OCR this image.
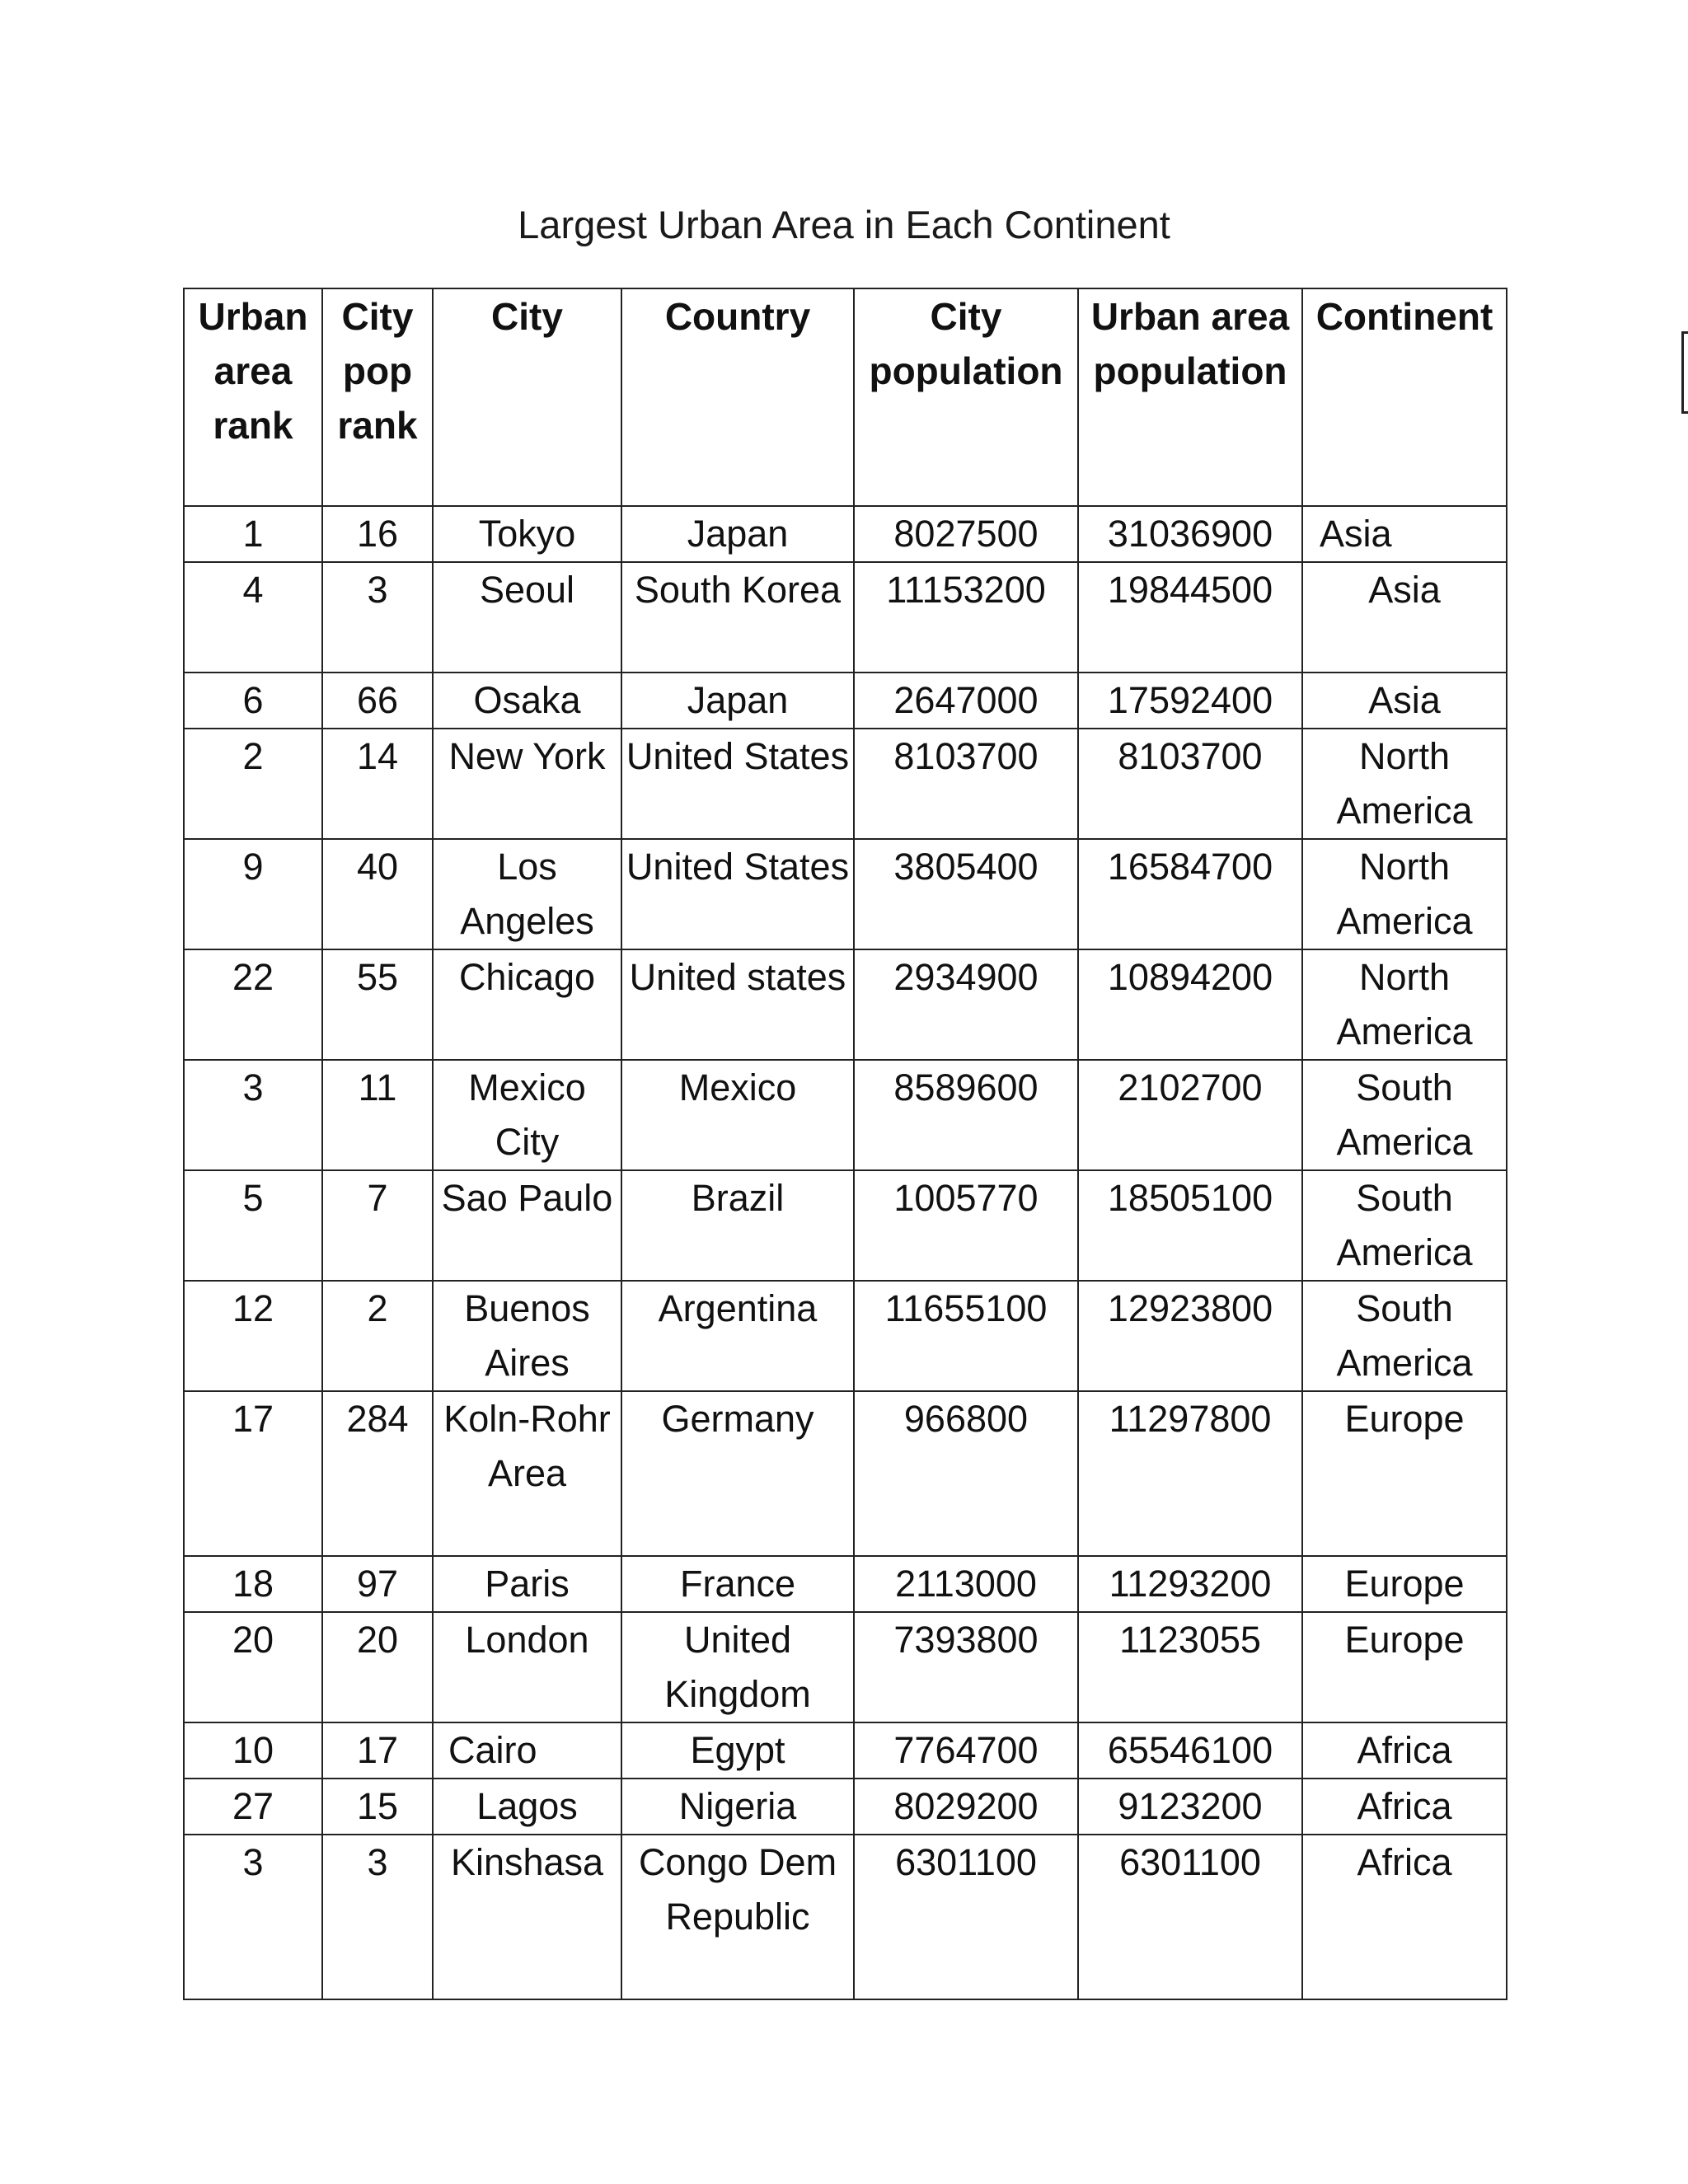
Largest Urban Area in Each Continent
Urban area rank	City pop rank	City	Country	City population	Urban area population	Continent
1	16	Tokyo	Japan	8027500	31036900	Asia
4	3	Seoul	South Korea	11153200	19844500	Asia
6	66	Osaka	Japan	2647000	17592400	Asia
2	14	New York	United States	8103700	8103700	North America
9	40	Los Angeles	United States	3805400	16584700	North America
22	55	Chicago	United states	2934900	10894200	North America
3	11	Mexico City	Mexico	8589600	2102700	South America
5	7	Sao Paulo	Brazil	1005770	18505100	South America
12	2	Buenos Aires	Argentina	11655100	12923800	South America
17	284	Koln-Rohr Area	Germany	966800	11297800	Europe
18	97	Paris	France	2113000	11293200	Europe
20	20	London	United Kingdom	7393800	1123055	Europe
10	17	Cairo	Egypt	7764700	65546100	Africa
27	15	Lagos	Nigeria	8029200	9123200	Africa
3	3	Kinshasa	Congo Dem Republic	6301100	6301100	Africa
